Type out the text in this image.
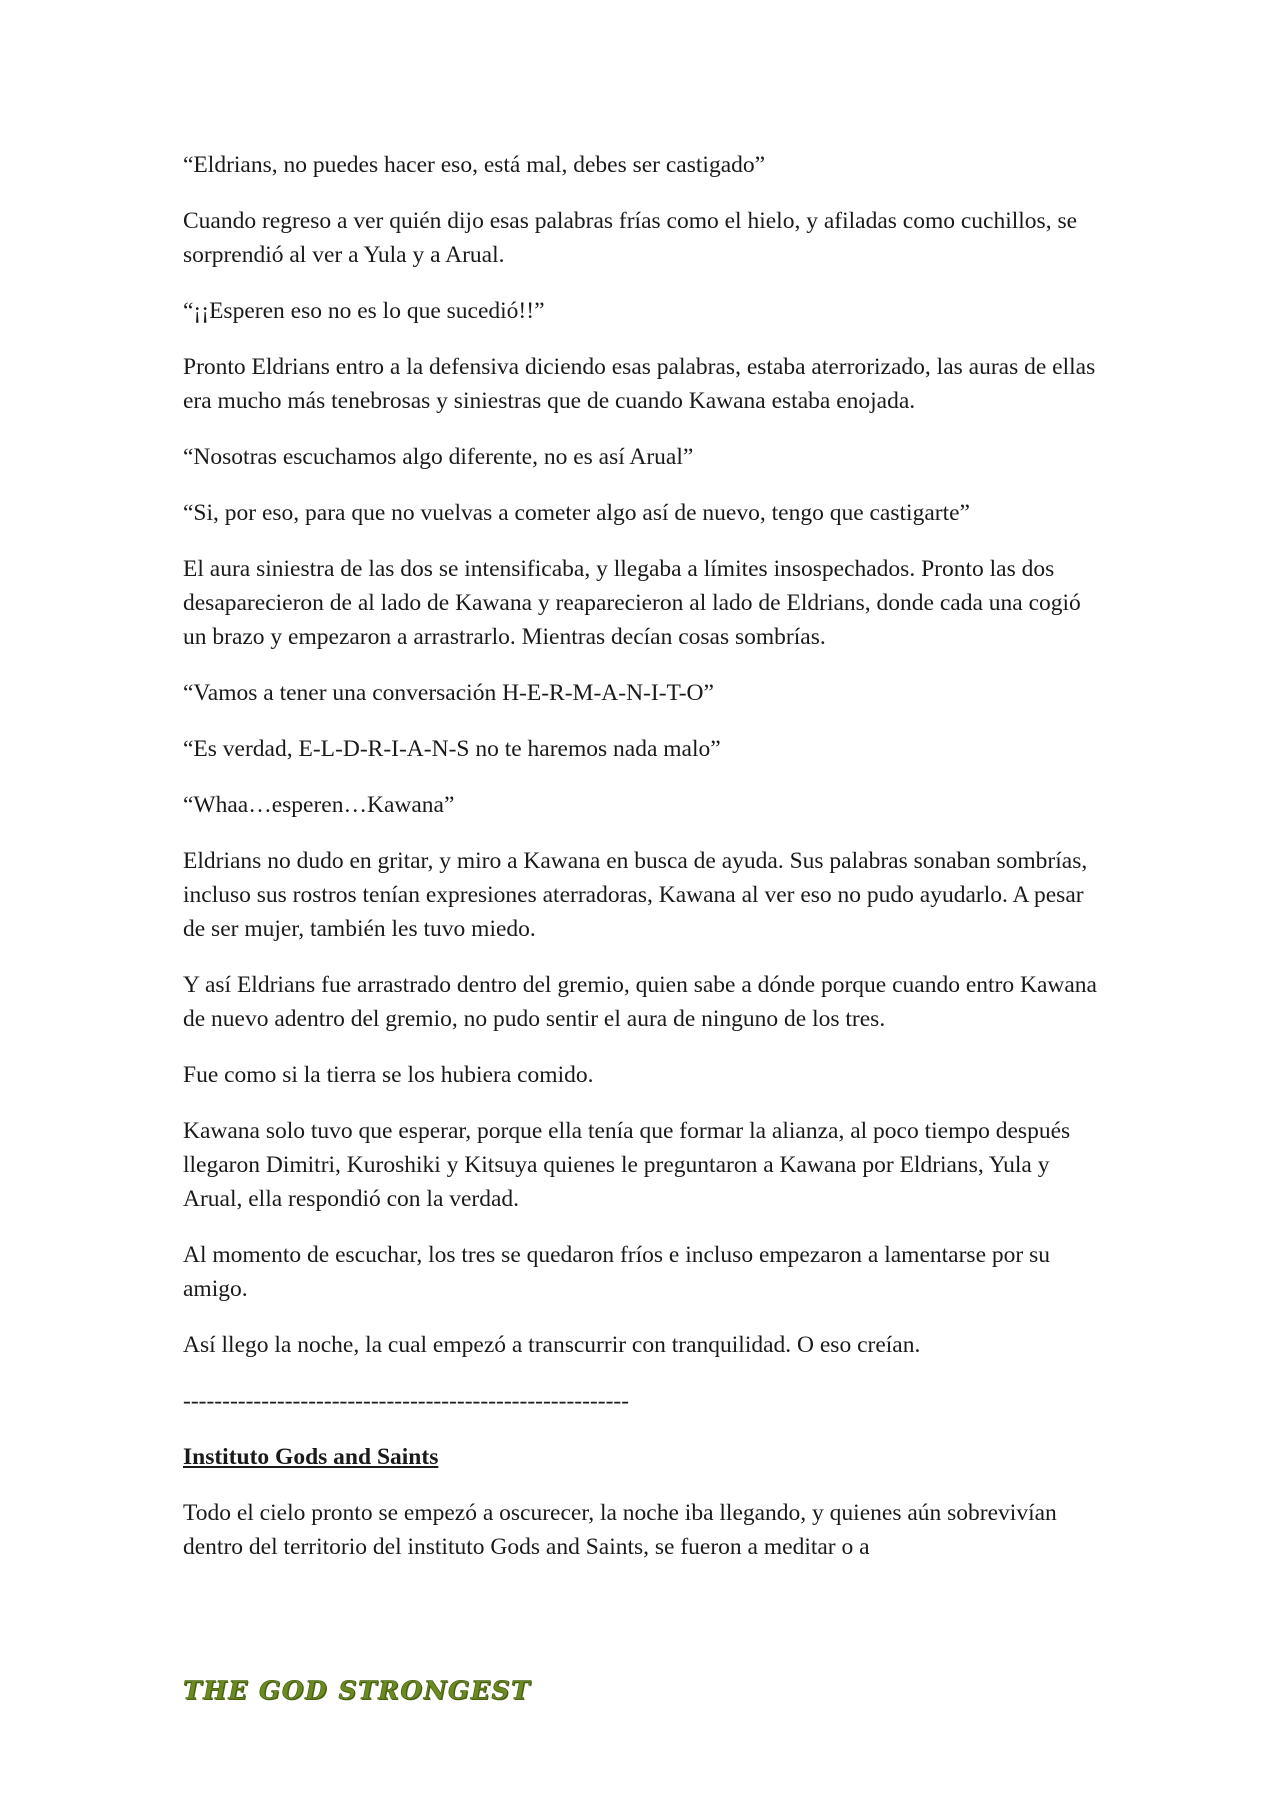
“Eldrians, no puedes hacer eso, está mal, debes ser castigado”

Cuando regreso a ver quién dijo esas palabras frías como el hielo, y afiladas como cuchillos, se sorprendió al ver a Yula y a Arual.

“¡¡Esperen eso no es lo que sucedió!!”

Pronto Eldrians entro a la defensiva diciendo esas palabras, estaba aterrorizado, las auras de ellas era mucho más tenebrosas y siniestras que de cuando Kawana estaba enojada.

“Nosotras escuchamos algo diferente, no es así Arual”

“Si, por eso, para que no vuelvas a cometer algo así de nuevo, tengo que castigarte”

El aura siniestra de las dos se intensificaba, y llegaba a límites insospechados. Pronto las dos desaparecieron de al lado de Kawana y reaparecieron al lado de Eldrians, donde cada una cogió un brazo y empezaron a arrastrarlo. Mientras decían cosas sombrías.

“Vamos a tener una conversación H-E-R-M-A-N-I-T-O”

“Es verdad, E-L-D-R-I-A-N-S no te haremos nada malo”

“Whaa…esperen…Kawana”

Eldrians no dudo en gritar, y miro a Kawana en busca de ayuda. Sus palabras sonaban sombrías, incluso sus rostros tenían expresiones aterradoras, Kawana al ver eso no pudo ayudarlo. A pesar de ser mujer, también les tuvo miedo.

Y así Eldrians fue arrastrado dentro del gremio, quien sabe a dónde porque cuando entro Kawana de nuevo adentro del gremio, no pudo sentir el aura de ninguno de los tres.

Fue como si la tierra se los hubiera comido.

Kawana solo tuvo que esperar, porque ella tenía que formar la alianza, al poco tiempo después llegaron Dimitri, Kuroshiki y Kitsuya quienes le preguntaron a Kawana por Eldrians, Yula y Arual, ella respondió con la verdad.

Al momento de escuchar, los tres se quedaron fríos e incluso empezaron a lamentarse por su amigo.

Así llego la noche, la cual empezó a transcurrir con tranquilidad. O eso creían.

---------------------------------------------------------
Instituto Gods and Saints

Todo el cielo pronto se empezó a oscurecer, la noche iba llegando, y quienes aún sobrevivían dentro del territorio del instituto Gods and Saints, se fueron a meditar o a

THE GOD STRONGEST
